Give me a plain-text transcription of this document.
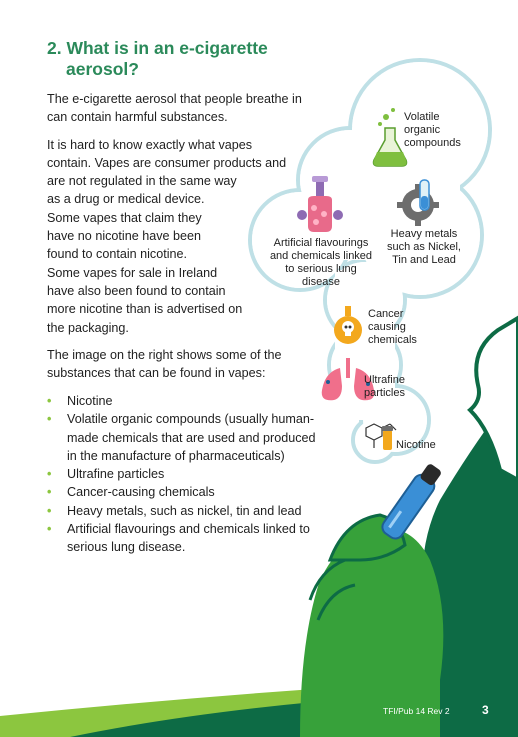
2. What is in an e-cigarette
aerosol?

The e-cigarette aerosol that people breathe in can contain harmful substances.

It is hard to know exactly what vapes
contain. Vapes are consumer products and
are not regulated in the same way
as a drug or medical device.
Some vapes that claim they
have no nicotine have been
found to contain nicotine.
Some vapes for sale in Ireland
have also been found to contain
more nicotine than is advertised on
the packaging.

The image on the right shows some of the substances that can be found in vapes:

• Nicotine
• Volatile organic compounds (usually human-made chemicals that are used and produced in the manufacture of pharmaceuticals)
• Ultrafine particles
• Cancer-causing chemicals
• Heavy metals, such as nickel, tin and lead
• Artificial flavourings and chemicals linked to serious lung disease.
Volatile
organic
compounds
Heavy metals
such as Nickel,
Tin and Lead
Artificial flavourings
and chemicals linked
to serious lung
disease
Cancer
causing
chemicals
Ultrafine
particles
Nicotine
TFI/Pub 14 Rev 2	3
